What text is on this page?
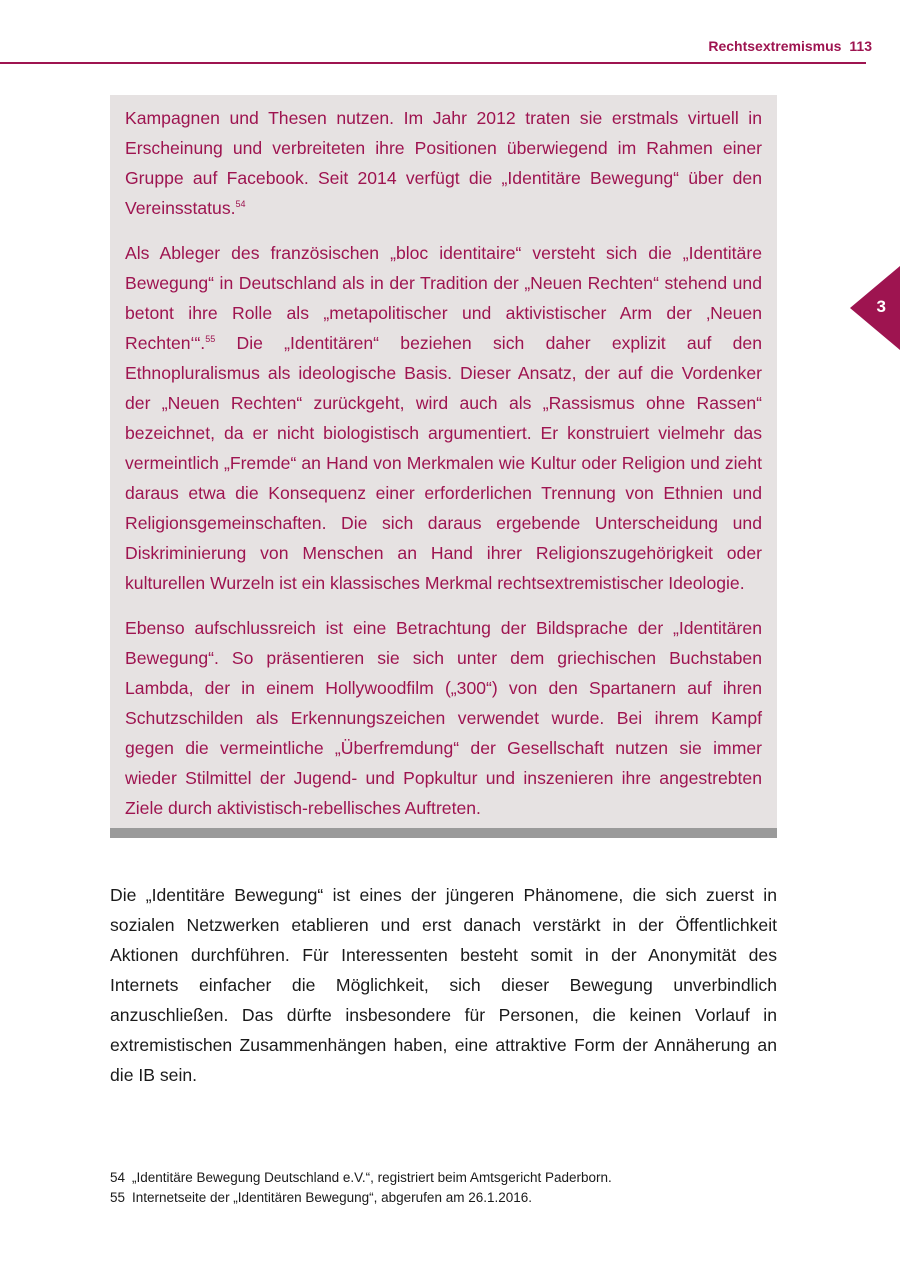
Rechtsextremismus 113
3

Kampagnen und Thesen nutzen. Im Jahr 2012 traten sie erstmals virtuell in Erscheinung und verbreiteten ihre Positionen überwiegend im Rahmen einer Gruppe auf Facebook. Seit 2014 verfügt die „Identitäre Bewegung“ über den Vereinsstatus.$^{54}$

Als Ableger des französischen „bloc identitaire“ versteht sich die „Identitäre Bewegung“ in Deutschland als in der Tradition der „Neuen Rechten“ stehend und betont ihre Rolle als „metapolitischer und aktivistischer Arm der ‚Neuen Rechten‘“.$^{55}$ Die „Identitären“ beziehen sich daher explizit auf den Ethnopluralismus als ideologische Basis. Dieser Ansatz, der auf die Vordenker der „Neuen Rechten“ zurückgeht, wird auch als „Rassismus ohne Rassen“ bezeichnet, da er nicht biologistisch argumentiert. Er konstruiert vielmehr das vermeintlich „Fremde“ an Hand von Merkmalen wie Kultur oder Religion und zieht daraus etwa die Konsequenz einer erforderlichen Trennung von Ethnien und Religionsgemeinschaften. Die sich daraus ergebende Unterscheidung und Diskriminierung von Menschen an Hand ihrer Religionszugehörigkeit oder kulturellen Wurzeln ist ein klassisches Merkmal rechtsextremistischer Ideologie.

Ebenso aufschlussreich ist eine Betrachtung der Bildsprache der „Identitären Bewegung“. So präsentieren sie sich unter dem griechischen Buchstaben Lambda, der in einem Hollywoodfilm („300“) von den Spartanern auf ihren Schutzschilden als Erkennungszeichen verwendet wurde. Bei ihrem Kampf gegen die vermeintliche „Überfremdung“ der Gesellschaft nutzen sie immer wieder Stilmittel der Jugend- und Popkultur und inszenieren ihre angestrebten Ziele durch aktivistisch-rebellisches Auftreten.

Die „Identitäre Bewegung“ ist eines der jüngeren Phänomene, die sich zuerst in sozialen Netzwerken etablieren und erst danach verstärkt in der Öffentlichkeit Aktionen durchführen. Für Interessenten besteht somit in der Anonymität des Internets einfacher die Möglichkeit, sich dieser Bewegung unverbindlich anzuschließen. Das dürfte insbesondere für Personen, die keinen Vorlauf in extremistischen Zusammenhängen haben, eine attraktive Form der Annäherung an die IB sein.

54 „Identitäre Bewegung Deutschland e.V.“, registriert beim Amtsgericht Paderborn.
55 Internetseite der „Identitären Bewegung“, abgerufen am 26.1.2016.
